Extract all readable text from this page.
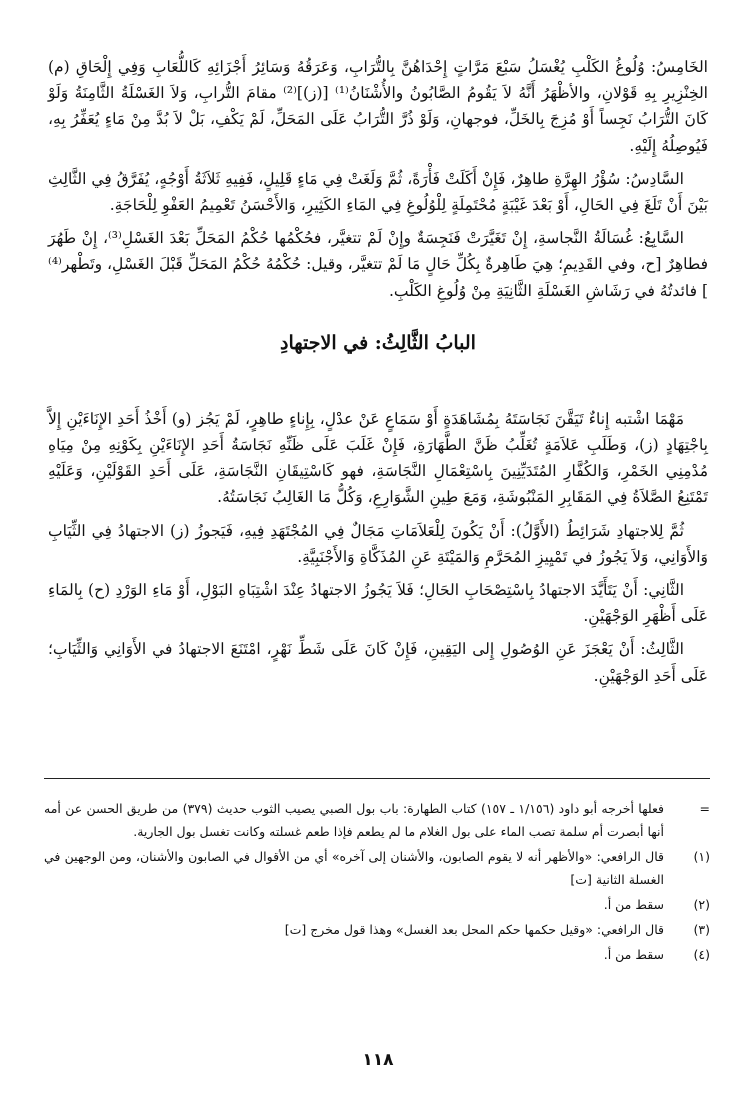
الخَامِسُ: وُلُوغُ الكَلْبِ يُغْسَلُ سَبْعَ مَرَّاتٍ إِحْدَاهُنَّ بِالتُّرَابِ، وَعَرَقُهُ وَسَائِرُ أَجْزَائِهِ كَاللُّعَابِ وَفِي إِلْحَاقِ (م) الخِنْزِيرِ بِهِ قَوْلانِ، والأظْهَرُ أَنَّهُ لاَ يَقُومُ الصَّابُونُ والأُشْنَانُ⁽¹⁾ [(ز)]⁽²⁾ مقامَ التُّرابِ، وَلاَ الغَسْلَةُ الثَّامِنَةُ وَلَوْ كَانَ التُّرَابُ نَجِساً أَوْ مُزِجَ بِالخَلِّ، فوجهانِ، وَلَوْ ذُرَّ التُّرَابُ عَلَى المَحَلِّ، لَمْ يَكْفِ، بَلْ لاَ بُدَّ مِنْ مَاءٍ يُعَفِّرُ بِهِ، فَيُوصِلُهُ إِلَيْهِ.

السَّادِسُ: سُؤْرُ الهِرَّةِ طاهِرٌ، فَإِنْ أَكَلَتْ فَأْرَةً، ثُمَّ وَلَغَتْ فِي مَاءٍ قَلِيلٍ، فَفِيهِ ثَلاَثَةُ أَوْجُهٍ، يُفَرَّقُ فِي الثَّالِثِ بَيْنَ أَنْ تَلَغَ فِي الحَالِ، أَوْ بَعْدَ غَيْبَةٍ مُحْتَمِلَةٍ لِلْوُلُوغِ فِي المَاءِ الكَثِيرِ، وَالأَحْسَنُ تَعْمِيمُ العَفْوِ لِلْحَاجَةِ.

السَّابِعُ: غُسَالَةُ النَّجاسةِ، إِنْ تَغَيَّرَتْ فَنَجِسَةٌ وإِنْ لَمْ تتغيَّر، فحُكْمُها حُكْمُ المَحَلِّ بَعْدَ الغَسْلِ⁽³⁾، إِنْ طَهُرَ فطاهِرٌ [ح، وفي القَدِيمِ؛ هِيَ طَاهِرةٌ بِكُلِّ حَالٍ مَا لَمْ تتغيَّر، وقيل: حُكْمُهُ حُكْمُ المَحَلِّ قَبْلَ الغَسْلِ، وتَطْهر⁽⁴⁾ ] فائدتُهُ في رَشَاشِ الغَسْلَةِ الثَّانِيَةِ مِنْ وُلُوغِ الكَلْبِ.

البابُ الثَّالِثُ: في الاجتهادِ

مَهْمَا اشْتبه إِناءٌ تَيَقَّنَ نَجَاسَتَهُ بِمُشَاهَدَةٍ أَوْ سَمَاعٍ عَنْ عدْلٍ، بِإِناءٍ طاهِرٍ، لَمْ يَجُز (و) أَخْذُ أَحَدِ الإِنَاءَيْنِ إِلاَّ بِاجْتِهَادٍ (ز)، وَطَلَبِ عَلاَمَةٍ تُغَلِّبُ ظَنَّ الطَّهَارَةِ، فَإِنْ غَلَبَ عَلَى ظَنِّهِ نَجَاسَةُ أَحَدِ الإِنَاءَيْنِ بِكَوْنِهِ مِنْ مِيَاهِ مُدْمِنِي الخَمْرِ، وَالكُفَّارِ المُتَدَيِّنِينَ بِاسْتِعْمَالِ النَّجَاسَةِ، فهو كَاسْتِيقَانِ النَّجَاسَةِ، عَلَى أَحَدِ القَوْلَيْنِ، وَعَلَيْهِ تَمْتَنِعُ الصَّلاَةُ فِي المَقَابِرِ المَنْبُوشَةِ، وَمَعَ طِينِ الشَّوَارِعِ، وَكُلُّ مَا الغَالِبُ نَجَاسَتُهُ.

ثُمَّ لِلاجتهادِ شَرَائِطُ (الأَوَّلُ): أَنْ يَكُونَ لِلْعَلاَمَاتِ مَجَالٌ فِي المُجْتَهَدِ فِيهِ، فَيَجوزُ (ز) الاجتهادُ فِي الثِّيَابِ وَالأَوَانِي، وَلاَ يَجُوزُ في تَمْيِيزِ المُحَرَّمِ وَالمَيْتَةِ عَنِ المُذَكَّاةِ وَالأَجْنَبِيَّةِ.

الثَّانِي: أَنْ يَتَأَيَّدَ الاجتهادُ بِاسْتِصْحَابِ الحَالِ؛ فَلاَ يَجُوزُ الاجتهادُ عِنْدَ اشْتِبَاهِ البَوْلِ، أَوْ مَاءِ الوَرْدِ (ح) بِالمَاءِ عَلَى أَظْهَرِ الوَجْهَيْنِ.

الثَّالِثُ: أَنْ يَعْجَزَ عَنِ الوُصُولِ إِلى اليَقِينِ، فَإِنْ كَانَ عَلَى شَطِّ نَهْرٍ، امْتَنَعَ الاجتهادُ في الأَوَانِي وَالثِّيَابِ؛ عَلَى أَحَدِ الوَجْهَيْنِ.

=
فعلها أخرجه أبو داود (١/١٥٦ ـ ١٥٧) كتاب الطهارة: باب بول الصبي يصيب الثوب حديث (٣٧٩) من طريق الحسن عن أمه أنها أبصرت أم سلمة تصب الماء على بول الغلام ما لم يطعم فإذا طعم غسلته وكانت تغسل بول الجارية.
(١)
قال الرافعي: «والأظهر أنه لا يقوم الصابون، والأشنان إلى آخره» أي من الأقوال في الصابون والأشنان، ومن الوجهين في الغسلة الثانية [ت]
(٢)
سقط من أ.
(٣)
قال الرافعي: «وقيل حكمها حكم المحل بعد الغسل» وهذا قول مخرج [ت]
(٤)
سقط من أ.
١١٨
